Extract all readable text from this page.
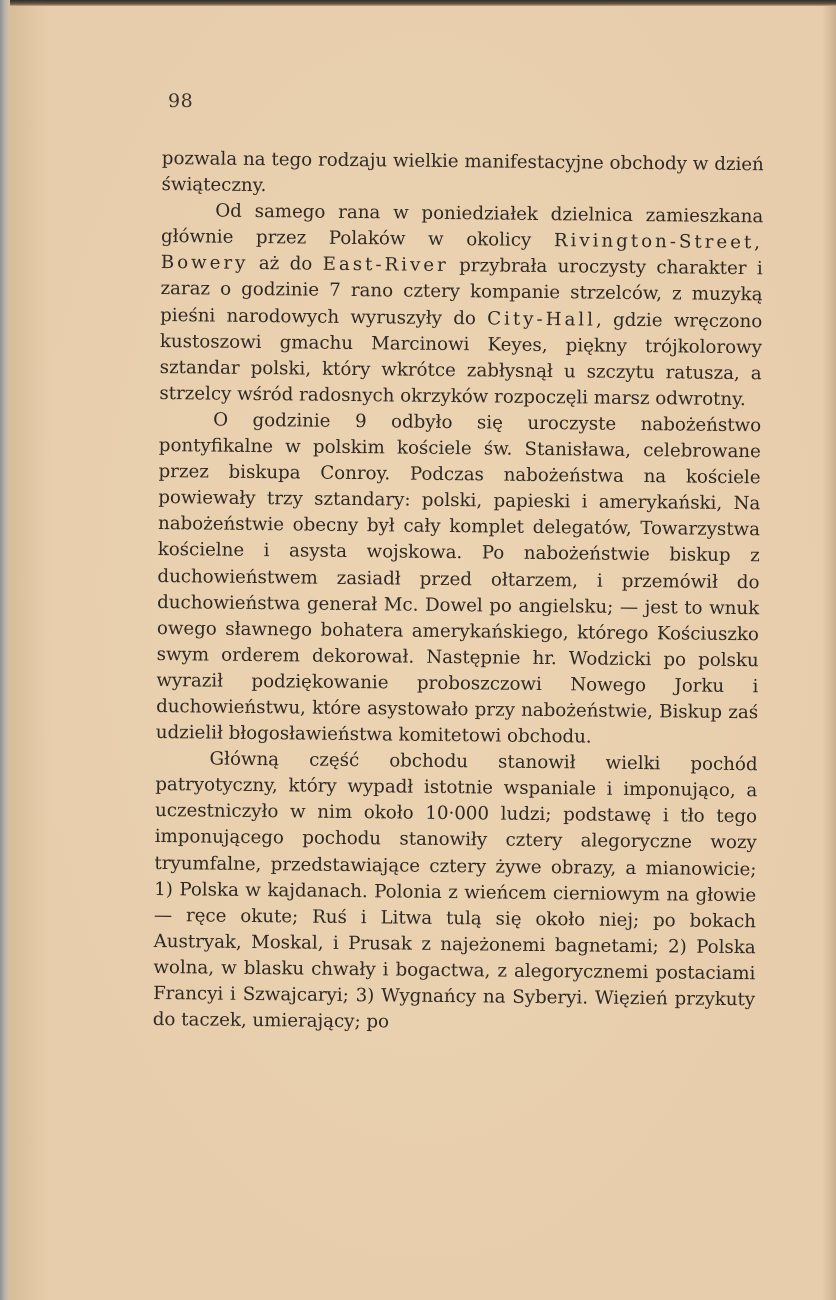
98

pozwala na tego rodzaju wielkie manifestacyjne obchody w dzień świąteczny.

Od samego rana w poniedziałek dzielnica zamieszkana głównie przez Polaków w okolicy Rivington-Street, Bowery aż do East-River przybrała uroczysty charakter i zaraz o godzinie 7 rano cztery kompanie strzelców, z muzyką pieśni narodowych wyruszyły do City-Hall, gdzie wręczono kustoszowi gmachu Marcinowi Keyes, piękny trójkolorowy sztandar polski, który wkrótce zabłysnął u szczytu ratusza, a strzelcy wśród radosnych okrzyków rozpoczęli marsz odwrotny.

O godzinie 9 odbyło się uroczyste nabożeństwo pontyfikalne w polskim kościele św. Stanisława, celebrowane przez biskupa Conroy. Podczas nabożeństwa na kościele powiewały trzy sztandary: polski, papieski i amerykański, Na nabożeństwie obecny był cały komplet delegatów, Towarzystwa kościelne i asysta wojskowa. Po nabożeństwie biskup z duchowieństwem zasiadł przed ołtarzem, i przemówił do duchowieństwa generał Mc. Dowel po angielsku; — jest to wnuk owego sławnego bohatera amerykańskiego, którego Kościuszko swym orderem dekorował. Następnie hr. Wodzicki po polsku wyraził podziękowanie proboszczowi Nowego Jorku i duchowieństwu, które asystowało przy nabożeństwie, Biskup zaś udzielił błogosławieństwa komitetowi obchodu.

Główną część obchodu stanowił wielki pochód patryotyczny, który wypadł istotnie wspaniale i imponująco, a uczestniczyło w nim około 10·000 ludzi; podstawę i tło tego imponującego pochodu stanowiły cztery alegoryczne wozy tryumfalne, przedstawiające cztery żywe obrazy, a mianowicie; 1) Polska w kajdanach. Polonia z wieńcem cierniowym na głowie — ręce okute; Ruś i Litwa tulą się około niej; po bokach Austryak, Moskal, i Prusak z najeżonemi bagnetami; 2) Polska wolna, w blasku chwały i bogactwa, z alegorycznemi postaciami Francyi i Szwajcaryi; 3) Wygnańcy na Syberyi. Więzień przykuty do taczek, umierający; po
